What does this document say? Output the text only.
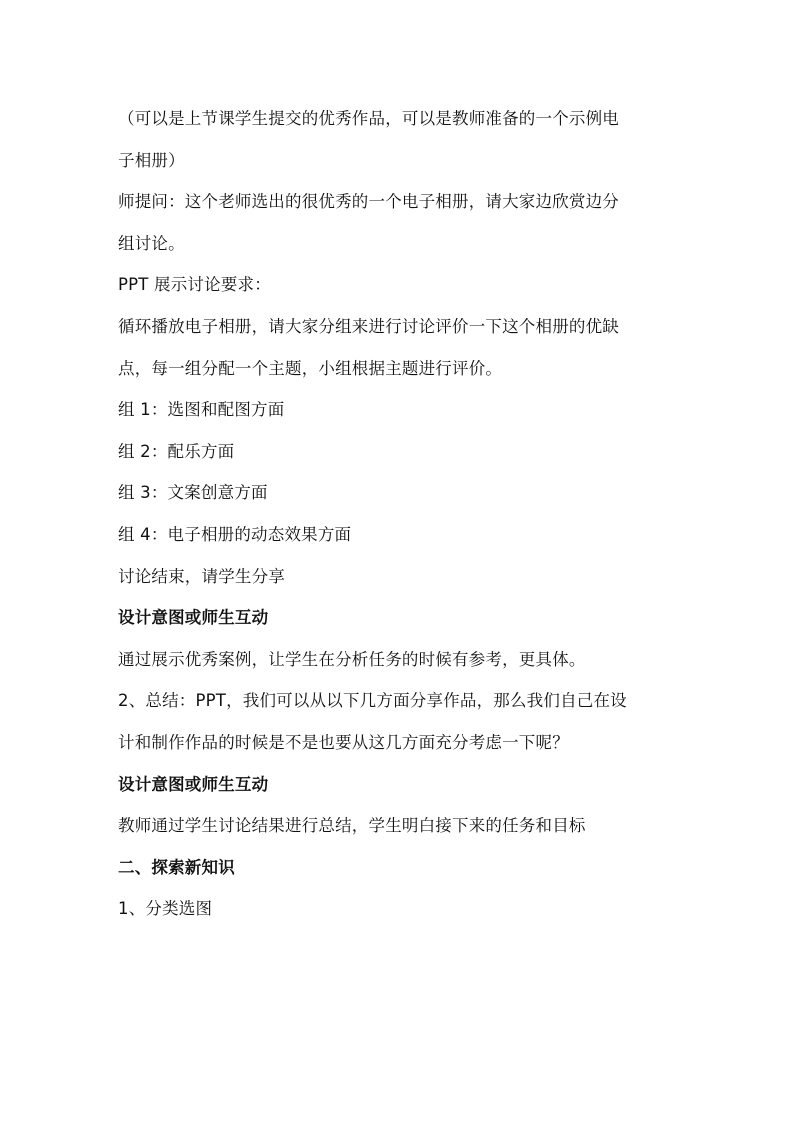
（可以是上节课学生提交的优秀作品，可以是教师准备的一个示例电

子相册）

师提问：这个老师选出的很优秀的一个电子相册，请大家边欣赏边分

组讨论。

PPT 展示讨论要求：

循环播放电子相册，请大家分组来进行讨论评价一下这个相册的优缺

点，每一组分配一个主题，小组根据主题进行评价。

组 1：选图和配图方面

组 2：配乐方面

组 3：文案创意方面

组 4：电子相册的动态效果方面

讨论结束，请学生分享

设计意图或师生互动

通过展示优秀案例，让学生在分析任务的时候有参考，更具体。

2、总结：PPT，我们可以从以下几方面分享作品，那么我们自己在设

计和制作作品的时候是不是也要从这几方面充分考虑一下呢？

设计意图或师生互动

教师通过学生讨论结果进行总结，学生明白接下来的任务和目标

二、探索新知识

1、分类选图
